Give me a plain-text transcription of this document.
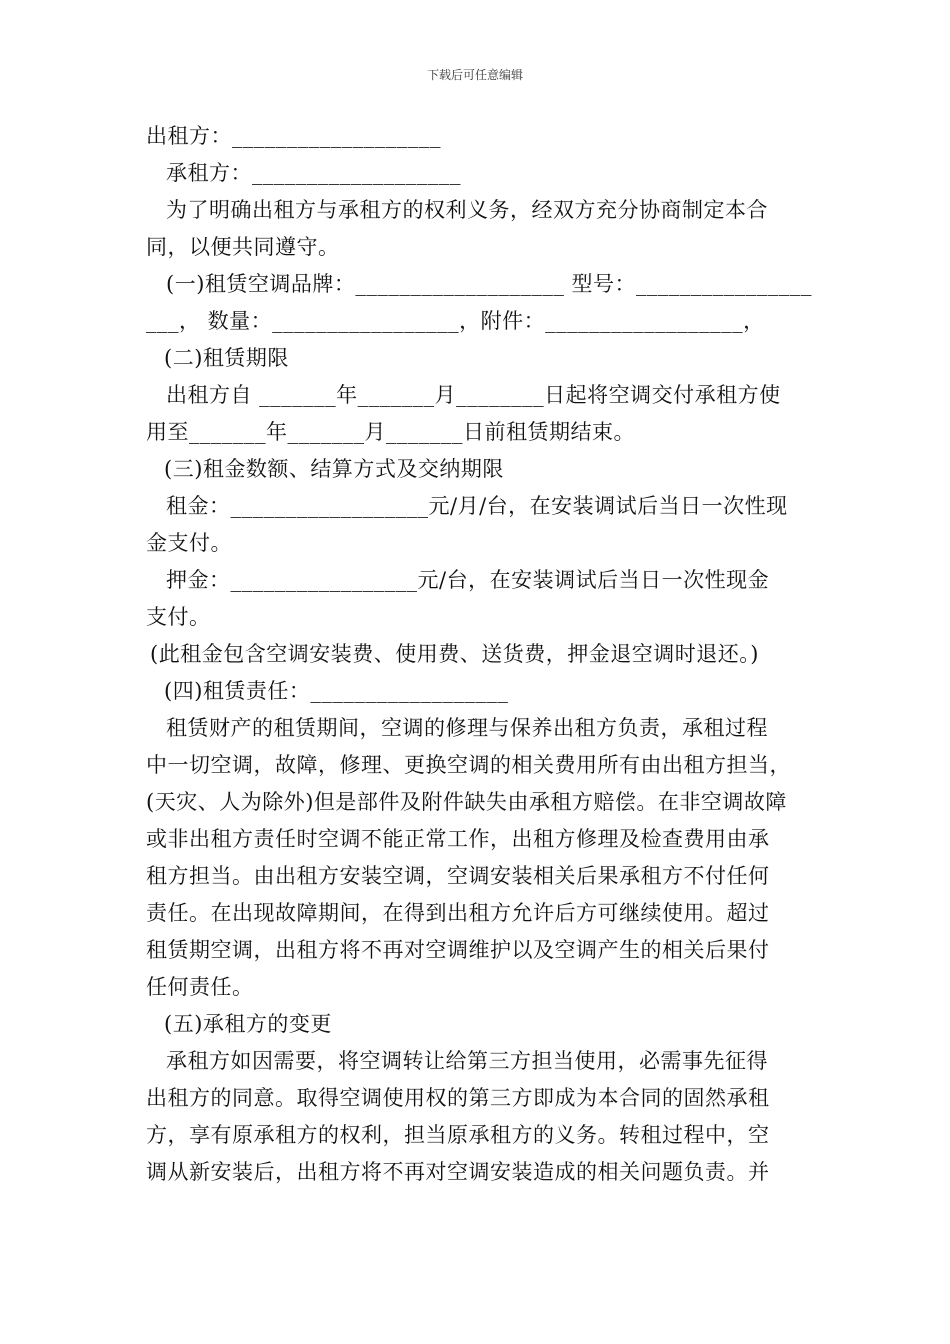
下载后可任意编辑
出租方：___________________
承租方：___________________
为了明确出租方与承租方的权利义务，经双方充分协商制定本合
同，以便共同遵守。
(一)租赁空调品牌：___________________ 型号：________________
___， 数量：_________________，附件：__________________，
(二)租赁期限
出租方自 _______年_______月________日起将空调交付承租方使
用至_______年_______月_______日前租赁期结束。
(三)租金数额、结算方式及交纳期限
租金：__________________元/月/台，在安装调试后当日一次性现
金支付。
押金：_________________元/台，在安装调试后当日一次性现金
支付。
(此租金包含空调安装费、使用费、送货费，押金退空调时退还。)
(四)租赁责任：__________________
租赁财产的租赁期间，空调的修理与保养出租方负责，承租过程
中一切空调，故障，修理、更换空调的相关费用所有由出租方担当，
(天灾、人为除外)但是部件及附件缺失由承租方赔偿。在非空调故障
或非出租方责任时空调不能正常工作，出租方修理及检查费用由承
租方担当。由出租方安装空调，空调安装相关后果承租方不付任何
责任。在出现故障期间，在得到出租方允许后方可继续使用。超过
租赁期空调，出租方将不再对空调维护以及空调产生的相关后果付
任何责任。
(五)承租方的变更
承租方如因需要，将空调转让给第三方担当使用，必需事先征得
出租方的同意。取得空调使用权的第三方即成为本合同的固然承租
方，享有原承租方的权利，担当原承租方的义务。转租过程中，空
调从新安装后，出租方将不再对空调安装造成的相关问题负责。并
